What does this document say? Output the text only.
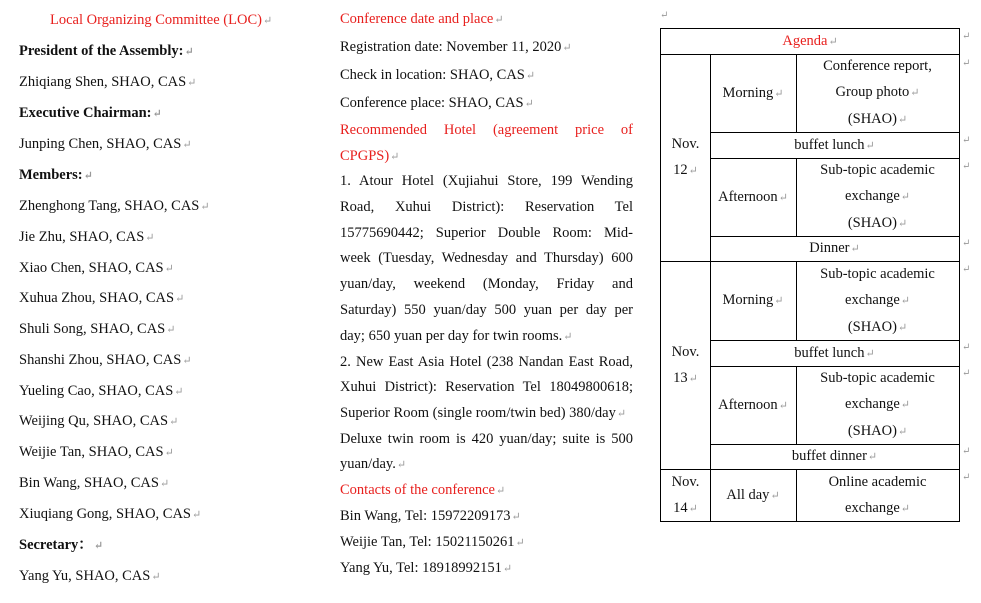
Local Organizing Committee (LOC)↵
President of the Assembly:↵
Zhiqiang Shen, SHAO, CAS↵
Executive Chairman:↵
Junping Chen, SHAO, CAS↵
Members:↵
Zhenghong Tang, SHAO, CAS↵
Jie Zhu, SHAO, CAS↵
Xiao Chen, SHAO, CAS↵
Xuhua Zhou, SHAO, CAS↵
Shuli Song, SHAO, CAS↵
Shanshi Zhou, SHAO, CAS↵
Yueling Cao, SHAO, CAS↵
Weijing Qu, SHAO, CAS↵
Weijie Tan, SHAO, CAS↵
Bin Wang, SHAO, CAS↵
Xiuqiang Gong, SHAO, CAS↵
Secretary：↵
Yang Yu, SHAO, CAS↵
Conference date and place↵
Registration date: November 11, 2020↵
Check in location: SHAO, CAS↵
Conference place: SHAO, CAS↵
Recommended Hotel (agreement price of
CPGPS)↵
1. Atour Hotel (Xujiahui Store, 199 Wending
Road, Xuhui District): Reservation Tel
15775690442; Superior Double Room: Mid-
week (Tuesday, Wednesday and Thursday) 600
yuan/day, weekend (Monday, Friday and
Saturday) 550 yuan/day 500 yuan per day per
day; 650 yuan per day for twin rooms.↵
2. New East Asia Hotel (238 Nandan East Road,
Xuhui District): Reservation Tel 18049800618;
Superior Room (single room/twin bed) 380/day↵
Deluxe twin room is 420 yuan/day; suite is 500
yuan/day.↵
Contacts of the conference↵
Bin Wang, Tel: 15972209173↵
Weijie Tan, Tel: 15021150261↵
Yang Yu, Tel: 18918992151↵
↵
Agenda↵
Nov.
12↵
Morning↵
Conference report,
Group photo↵
(SHAO)↵
buffet lunch↵
Afternoon↵
Sub-topic academic
exchange↵
(SHAO)↵
Dinner↵
Nov.
13↵
Morning↵
Sub-topic academic
exchange↵
(SHAO)↵
buffet lunch↵
Afternoon↵
Sub-topic academic
exchange↵
(SHAO)↵
buffet dinner↵
Nov.
14↵
All day↵
Online academic
exchange↵
↵
↵
↵
↵
↵
↵
↵
↵
↵
↵
